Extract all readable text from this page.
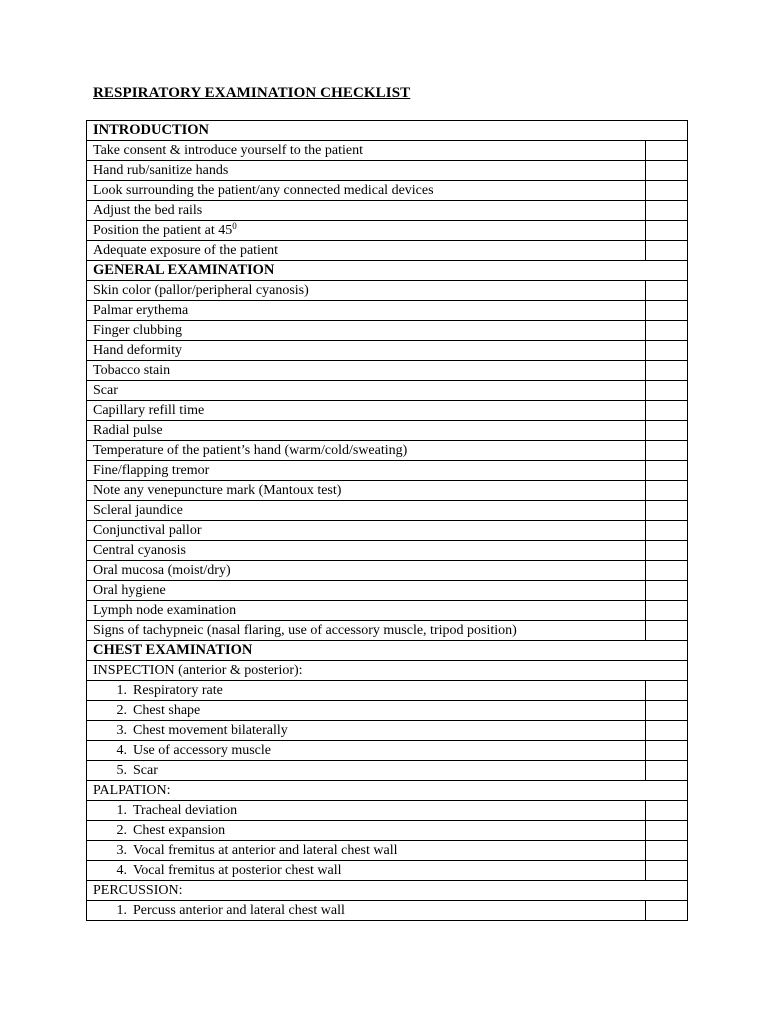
RESPIRATORY EXAMINATION CHECKLIST
INTRODUCTION	
Take consent & introduce yourself to the patient	
Hand rub/sanitize hands	
Look surrounding the patient/any connected medical devices	
Adjust the bed rails	
Position the patient at $45^0$	
Adequate exposure of the patient	
GENERAL EXAMINATION	
Skin color (pallor/peripheral cyanosis)	
Palmar erythema	
Finger clubbing	
Hand deformity	
Tobacco stain	
Scar	
Capillary refill time	
Radial pulse	
Temperature of the patient’s hand (warm/cold/sweating)	
Fine/flapping tremor	
Note any venepuncture mark (Mantoux test)	
Scleral jaundice	
Conjunctival pallor	
Central cyanosis	
Oral mucosa (moist/dry)	
Oral hygiene	
Lymph node examination	
Signs of tachypneic (nasal flaring, use of accessory muscle, tripod position)	
CHEST EXAMINATION	
INSPECTION (anterior & posterior):	
1. Respiratory rate	
2. Chest shape	
3. Chest movement bilaterally	
4. Use of accessory muscle	
5. Scar	
PALPATION:	
1. Tracheal deviation	
2. Chest expansion	
3. Vocal fremitus at anterior and lateral chest wall	
4. Vocal fremitus at posterior chest wall	
PERCUSSION:	
1. Percuss anterior and lateral chest wall	
